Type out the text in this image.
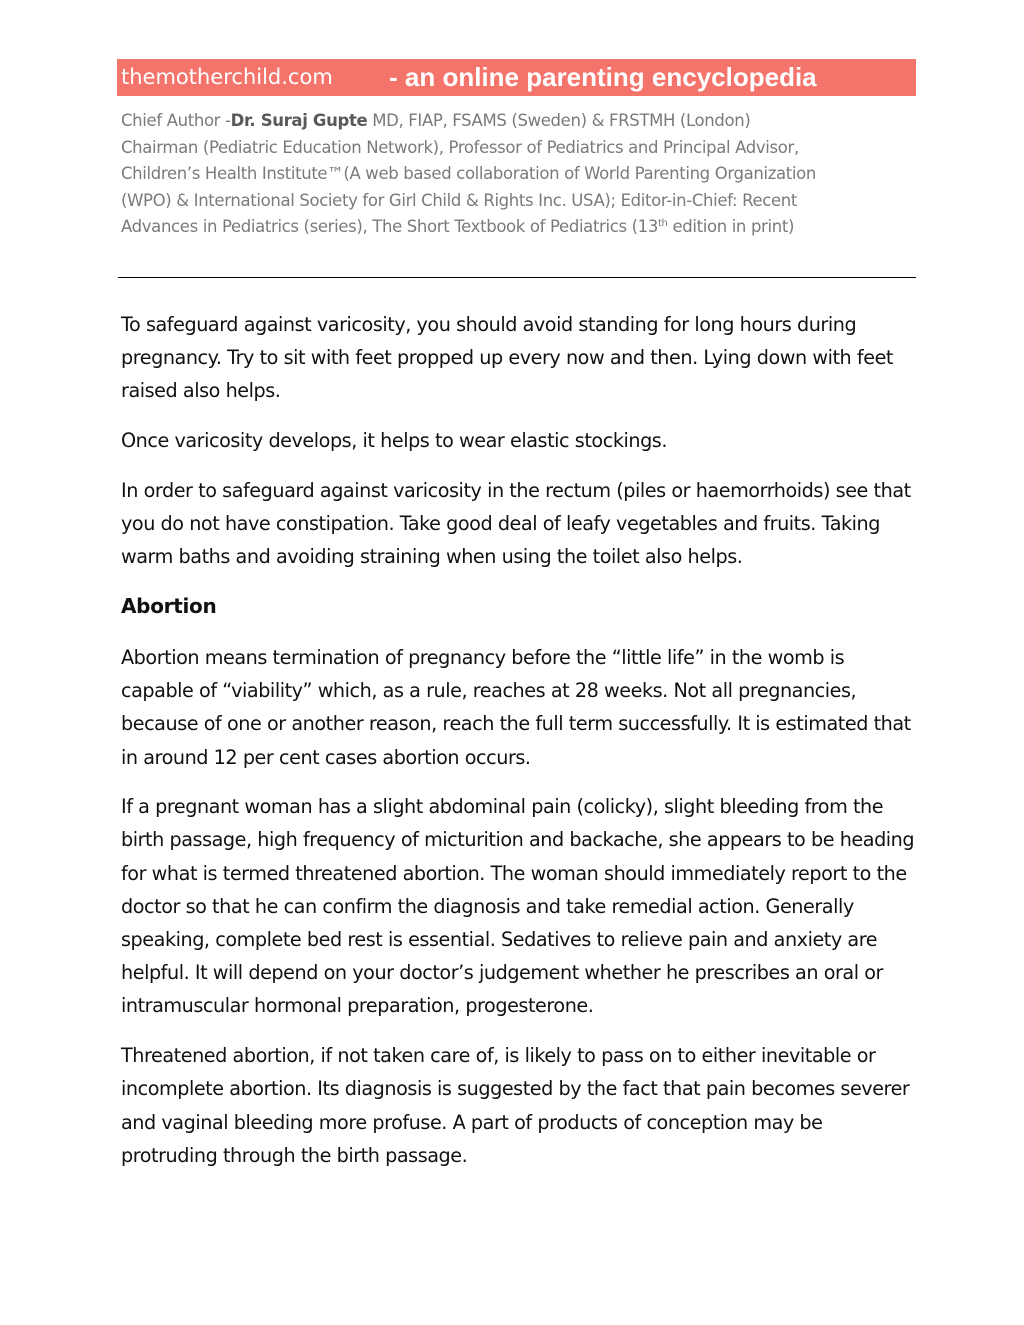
themotherchild.com - an online parenting encyclopedia
Chief Author -Dr. Suraj Gupte MD, FIAP, FSAMS (Sweden) & FRSTMH (London)
Chairman (Pediatric Education Network), Professor of Pediatrics and Principal Advisor,
Children’s Health Institute™(A web based collaboration of World Parenting Organization
(WPO) & International Society for Girl Child & Rights Inc. USA); Editor-in-Chief: Recent
Advances in Pediatrics (series), The Short Textbook of Pediatrics (13th edition in print)

To safeguard against varicosity, you should avoid standing for long hours during pregnancy. Try to sit with feet propped up every now and then. Lying down with feet raised also helps.

Once varicosity develops, it helps to wear elastic stockings.

In order to safeguard against varicosity in the rectum (piles or haemorrhoids) see that you do not have constipation. Take good deal of leafy vegetables and fruits. Taking warm baths and avoiding straining when using the toilet also helps.

Abortion

Abortion means termination of pregnancy before the “little life” in the womb is capable of “viability” which, as a rule, reaches at 28 weeks. Not all pregnancies, because of one or another reason, reach the full term successfully. It is estimated that in around 12 per cent cases abortion occurs.

If a pregnant woman has a slight abdominal pain (colicky), slight bleeding from the birth passage, high frequency of micturition and backache, she appears to be heading for what is termed threatened abortion. The woman should immediately report to the doctor so that he can confirm the diagnosis and take remedial action. Generally speaking, complete bed rest is essential. Sedatives to relieve pain and anxiety are helpful. It will depend on your doctor’s judgement whether he prescribes an oral or intramuscular hormonal preparation, progesterone.

Threatened abortion, if not taken care of, is likely to pass on to either inevitable or incomplete abortion. Its diagnosis is suggested by the fact that pain becomes severer and vaginal bleeding more profuse. A part of products of conception may be protruding through the birth passage.
